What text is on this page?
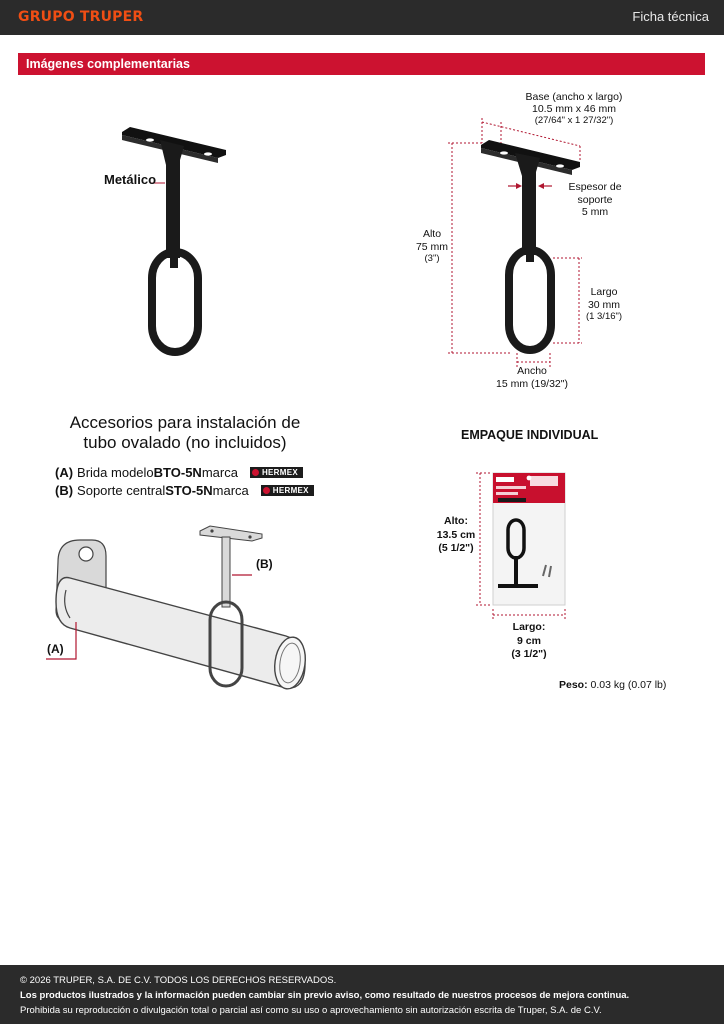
GRUPO TRUPER	Ficha técnica
Imágenes complementarias
Metálico
Base (ancho x largo)
10.5 mm x 46 mm
(27/64" x 1 27/32")
Espesor de
soporte
5 mm
Alto
75 mm
(3")
Largo
30 mm
(1 3/16")
Ancho
15 mm (19/32")
Accesorios para instalación de
tubo ovalado (no incluidos)
(A) Brida modelo BTO-5N marca	HERMEX
(B) Soporte central STO-5N marca	HERMEX
(B)
(A)
EMPAQUE INDIVIDUAL
Alto:
13.5 cm
(5 1/2")
Largo:
9 cm
(3 1/2")
Peso: 0.03 kg (0.07 lb)

© 2026 TRUPER, S.A. DE C.V. TODOS LOS DERECHOS RESERVADOS.

Los productos ilustrados y la información pueden cambiar sin previo aviso, como resultado de nuestros procesos de mejora continua.

Prohibida su reproducción o divulgación total o parcial así como su uso o aprovechamiento sin autorización escrita de Truper, S.A. de C.V.
